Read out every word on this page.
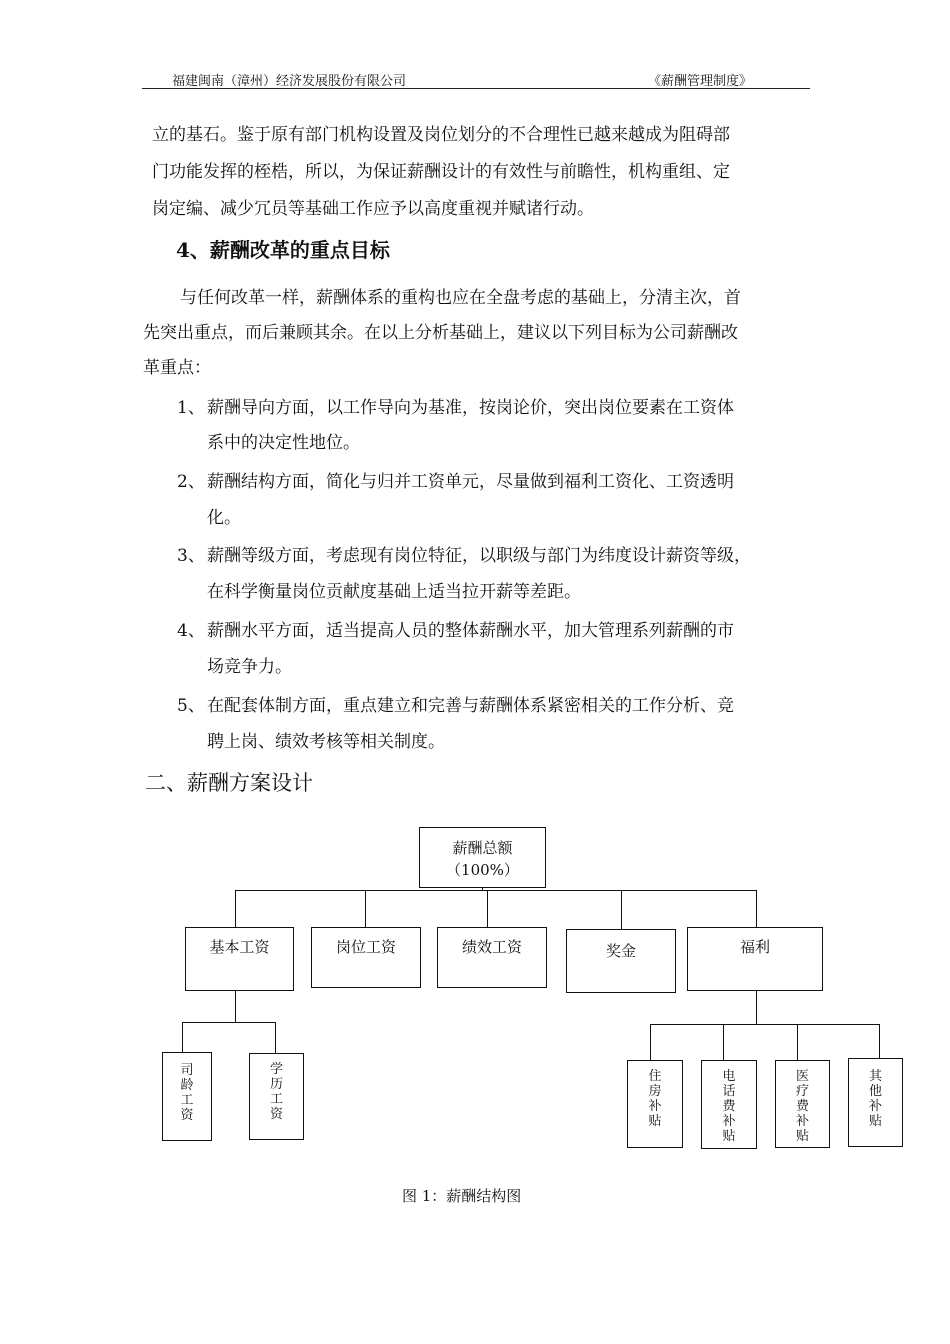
福建闽南（漳州）经济发展股份有限公司	《薪酬管理制度》
立的基石。鉴于原有部门机构设置及岗位划分的不合理性已越来越成为阻碍部
门功能发挥的桎梏，所以，为保证薪酬设计的有效性与前瞻性，机构重组、定
岗定编、减少冗员等基础工作应予以高度重视并赋诸行动。
4、薪酬改革的重点目标
与任何改革一样，薪酬体系的重构也应在全盘考虑的基础上，分清主次，首
先突出重点，而后兼顾其余。在以上分析基础上，建议以下列目标为公司薪酬改
革重点：
1、 薪酬导向方面，以工作导向为基准，按岗论价，突出岗位要素在工资体
系中的决定性地位。
2、 薪酬结构方面，简化与归并工资单元，尽量做到福利工资化、工资透明
化。
3、 薪酬等级方面，考虑现有岗位特征，以职级与部门为纬度设计薪资等级，
在科学衡量岗位贡献度基础上适当拉开薪等差距。
4、 薪酬水平方面，适当提高人员的整体薪酬水平，加大管理系列薪酬的市
场竞争力。
5、 在配套体制方面，重点建立和完善与薪酬体系紧密相关的工作分析、竞
聘上岗、绩效考核等相关制度。
二、薪酬方案设计
薪酬总额
（100%）
基本工资	岗位工资	绩效工资	奖金	福利
司龄工资
学历工资
住房补贴
电话费补贴
医疗费补贴
其他补贴
图 1：薪酬结构图
